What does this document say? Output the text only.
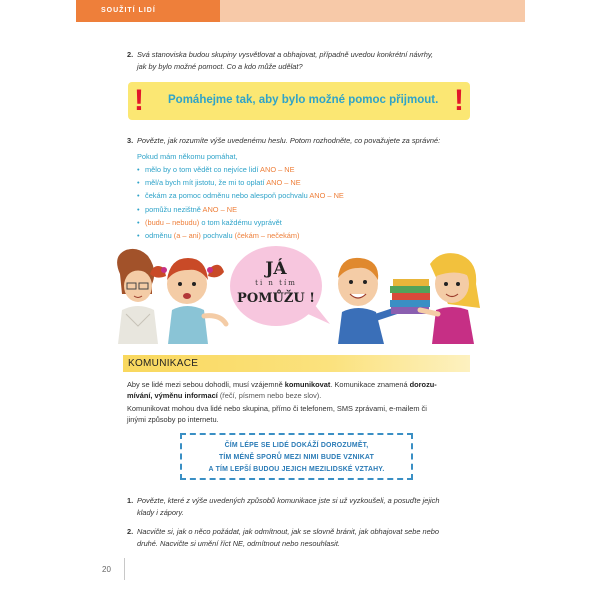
SOUŽITÍ LIDÍ
2. Svá stanoviska budou skupiny vysvětlovat a obhajovat, případně uvedou konkrétní návrhy,
jak by bylo možné pomoct. Co a kdo může udělat?
! Pomáhejme tak, aby bylo možné pomoc přijmout. !
3. Povězte, jak rozumíte výše uvedenému heslu. Potom rozhodněte, co považujete za správné:
Pokud mám někomu pomáhat,
• mělo by o tom vědět co nejvíce lidí ANO – NE
• měl/a bych mít jistotu, že mi to oplatí ANO – NE
• čekám za pomoc odměnu nebo alespoň pochvalu ANO – NE
• pomůžu nezištně ANO – NE
• (budu – nebudu) o tom každému vyprávět
• odměnu (a – ani) pochvalu (čekám – nečekám)
JÁ
ti n tím
POMŮŽU !
KOMUNIKACE
Aby se lidé mezi sebou dohodli, musí vzájemně komunikovat. Komunikace znamená dorozu-
mívání, výměnu informací (řečí, písmem nebo beze slov).
Komunikovat mohou dva lidé nebo skupina, přímo či telefonem, SMS zprávami, e-mailem či
jinými způsoby po internetu.
ČÍM LÉPE SE LIDÉ DOKÁŽÍ DOROZUMĚT,
TÍM MÉNĚ SPORŮ MEZI NIMI BUDE VZNIKAT
A TÍM LEPŠÍ BUDOU JEJICH MEZILIDSKÉ VZTAHY.
1. Povězte, které z výše uvedených způsobů komunikace jste si už vyzkoušeli, a posuďte jejich
klady i zápory.
2. Nacvičte si, jak o něco požádat, jak odmítnout, jak se slovně bránit, jak obhajovat sebe nebo
druhé. Nacvičte si umění říct NE, odmítnout nebo nesouhlasit.
20
